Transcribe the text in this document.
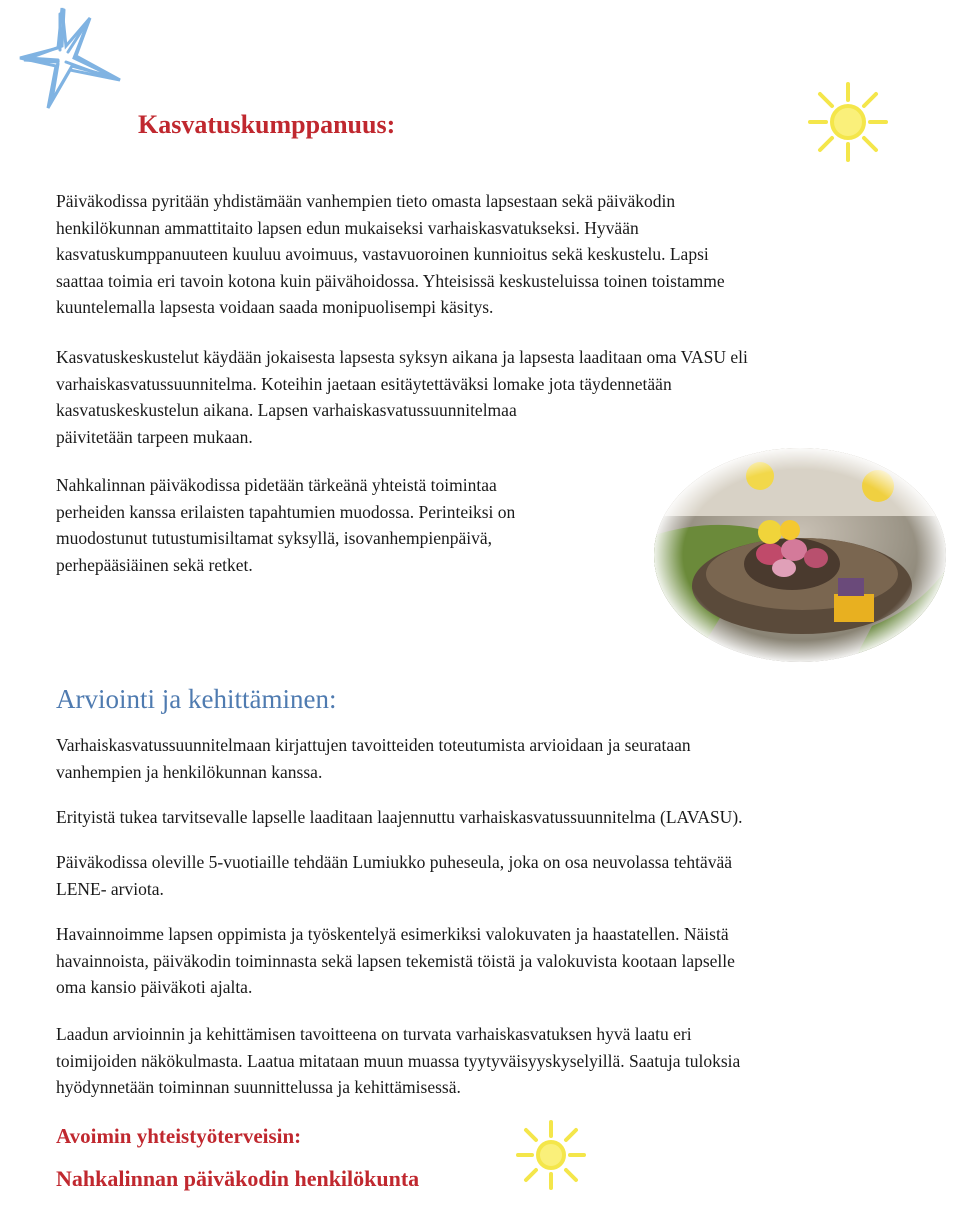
Kasvatuskumppanuus:

Päiväkodissa pyritään yhdistämään vanhempien tieto omasta lapsestaan sekä päiväkodin
henkilökunnan ammattitaito lapsen edun mukaiseksi varhaiskasvatukseksi. Hyvään
kasvatuskumppanuuteen kuuluu avoimuus, vastavuoroinen kunnioitus sekä keskustelu. Lapsi
saattaa toimia eri tavoin kotona kuin päivähoidossa. Yhteisissä keskusteluissa toinen toistamme
kuuntelemalla lapsesta voidaan saada monipuolisempi käsitys.

Kasvatuskeskustelut käydään jokaisesta lapsesta syksyn aikana ja lapsesta laaditaan oma VASU eli
varhaiskasvatussuunnitelma. Koteihin jaetaan esitäytettäväksi lomake jota täydennetään
kasvatuskeskustelun aikana. Lapsen varhaiskasvatussuunnitelmaa
päivitetään tarpeen mukaan.

Nahkalinnan päiväkodissa pidetään tärkeänä yhteistä toimintaa
perheiden kanssa erilaisten tapahtumien muodossa. Perinteiksi on
muodostunut tutustumisiltamat syksyllä, isovanhempienpäivä,
perhepääsiäinen sekä retket.

Arviointi ja kehittäminen:

Varhaiskasvatussuunnitelmaan kirjattujen tavoitteiden toteutumista arvioidaan ja seurataan
vanhempien ja henkilökunnan kanssa.

Erityistä tukea tarvitsevalle lapselle laaditaan laajennuttu varhaiskasvatussuunnitelma (LAVASU).

Päiväkodissa oleville 5-vuotiaille tehdään Lumiukko puheseula, joka on osa neuvolassa tehtävää
LENE- arviota.

Havainnoimme lapsen oppimista ja työskentelyä esimerkiksi valokuvaten ja haastatellen. Näistä
havainnoista, päiväkodin toiminnasta sekä lapsen tekemistä töistä ja valokuvista kootaan lapselle
oma kansio päiväkoti ajalta.

Laadun arvioinnin ja kehittämisen tavoitteena on turvata varhaiskasvatuksen hyvä laatu eri
toimijoiden näkökulmasta. Laatua mitataan muun muassa tyytyväisyyskyselyillä. Saatuja tuloksia
hyödynnetään toiminnan suunnittelussa ja kehittämisessä.

Avoimin yhteistyöterveisin:
Nahkalinnan päiväkodin henkilökunta
